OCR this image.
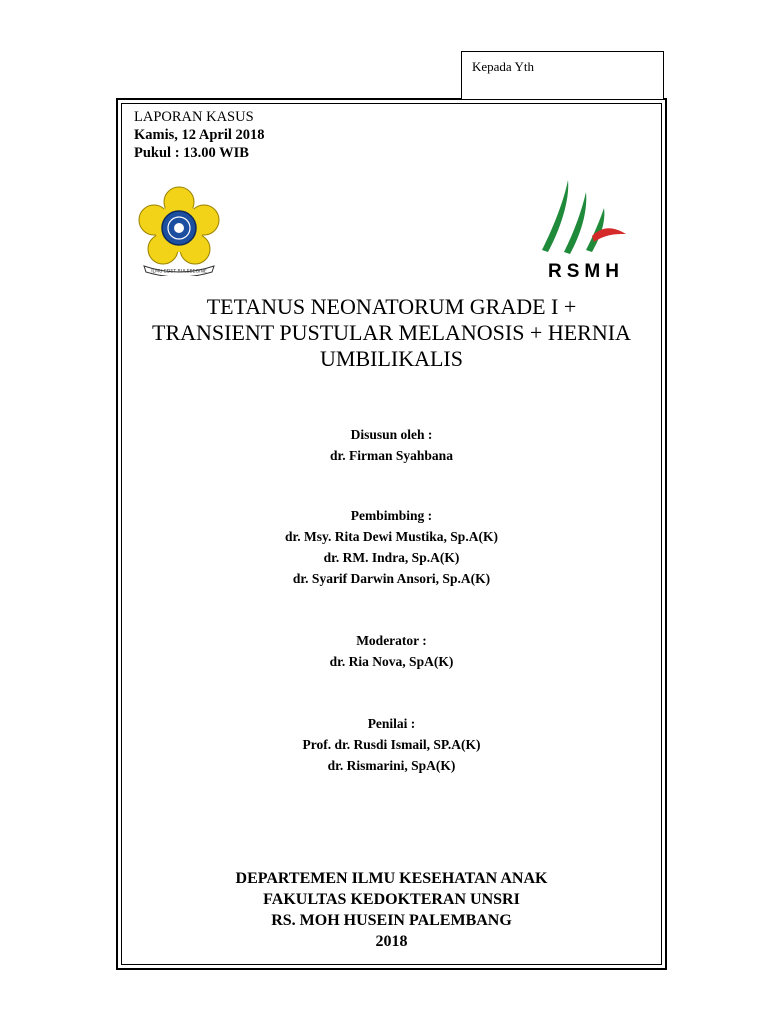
Kepada Yth
LAPORAN KASUS
Kamis, 12 April 2018
Pukul : 13.00 WIB
ILMU EDET BULEBEGINE	RSMH
TETANUS NEONATORUM GRADE I +
TRANSIENT PUSTULAR MELANOSIS + HERNIA
UMBILIKALIS
Disusun oleh :
dr. Firman Syahbana
Pembimbing :
dr. Msy. Rita Dewi Mustika, Sp.A(K)
dr. RM. Indra, Sp.A(K)
dr. Syarif Darwin Ansori, Sp.A(K)
Moderator :
dr. Ria Nova, SpA(K)
Penilai :
Prof. dr. Rusdi Ismail, SP.A(K)
dr. Rismarini, SpA(K)
DEPARTEMEN ILMU KESEHATAN ANAK
FAKULTAS KEDOKTERAN UNSRI
RS. MOH HUSEIN PALEMBANG
2018
